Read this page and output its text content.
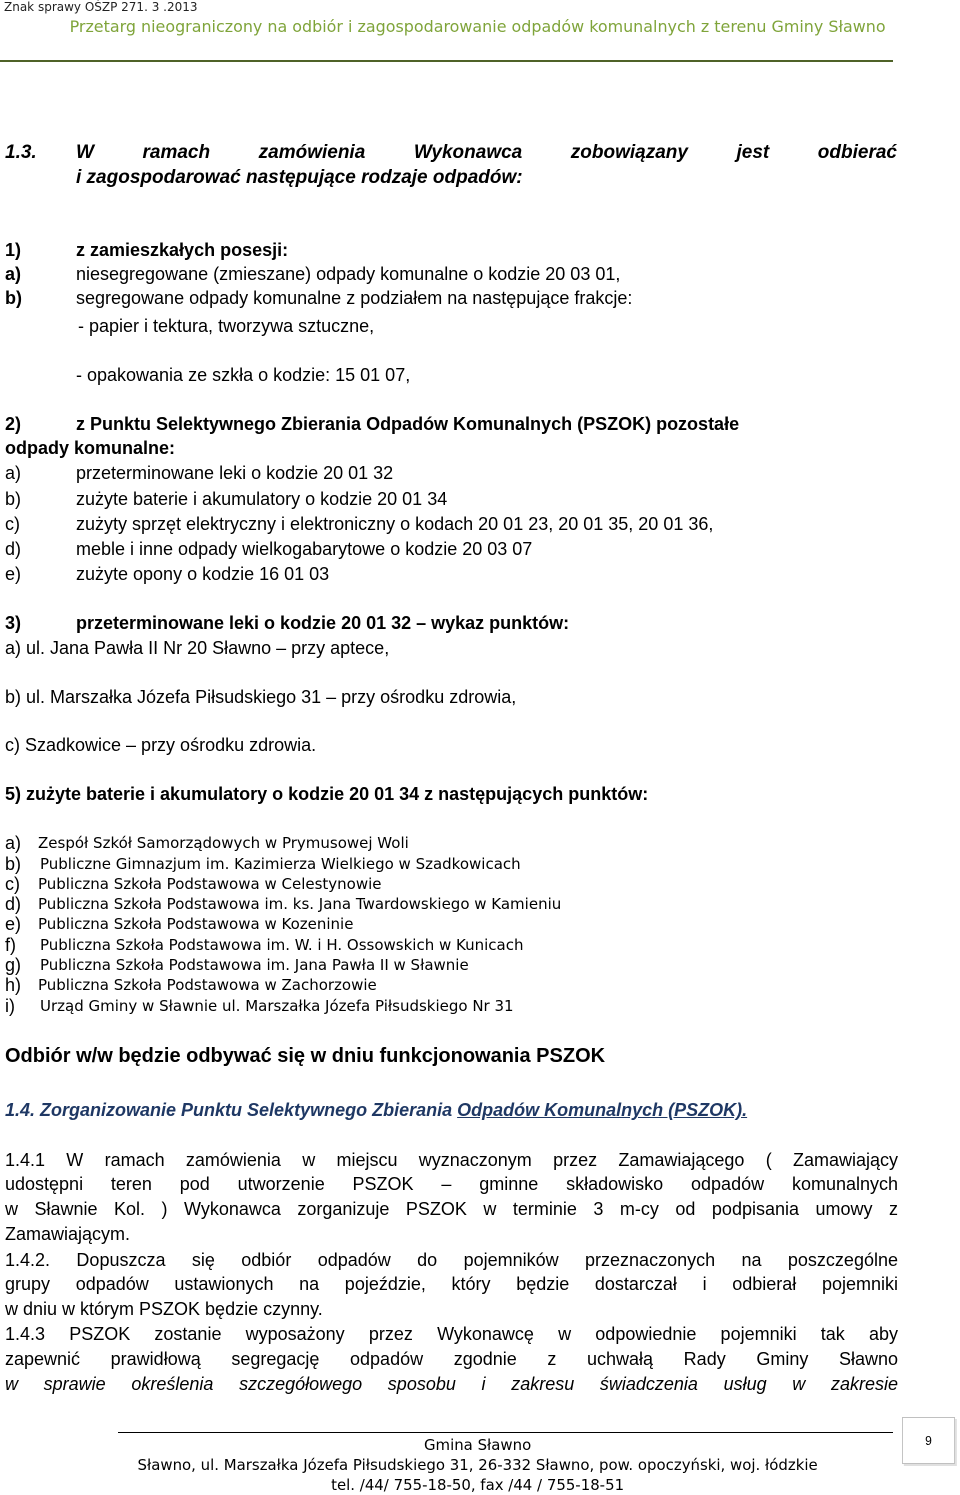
Znak sprawy OŚZP 271. 3 .2013
Przetarg nieograniczony na odbiór i zagospodarowanie odpadów komunalnych z terenu Gminy Sławno
1.3. W ramach zamówienia Wykonawca zobowiązany jest odbierać
i zagospodarować następujące rodzaje odpadów:
1)	z zamieszkałych posesji:
a)	niesegregowane (zmieszane) odpady komunalne o kodzie 20 03 01,
b)	segregowane odpady komunalne z podziałem na następujące frakcje:
- papier i tektura, tworzywa sztuczne,
- opakowania ze szkła o kodzie: 15 01 07,
2)	z Punktu Selektywnego Zbierania Odpadów Komunalnych (PSZOK) pozostałe
odpady komunalne:
a)	przeterminowane leki o kodzie 20 01 32
b)	zużyte baterie i akumulatory o kodzie 20 01 34
c)	zużyty sprzęt elektryczny i elektroniczny o kodach 20 01 23, 20 01 35, 20 01 36,
d)	meble i inne odpady wielkogabarytowe o kodzie 20 03 07
e)	zużyte opony o kodzie 16 01 03
3)	przeterminowane leki o kodzie 20 01 32 – wykaz punktów:
a) ul. Jana Pawła II Nr 20 Sławno – przy aptece,
b) ul. Marszałka Józefa Piłsudskiego 31 – przy ośrodku zdrowia,
c) Szadkowice – przy ośrodku zdrowia.
5) zużyte baterie i akumulatory o kodzie 20 01 34 z następujących punktów:
a) Zespół Szkół Samorządowych w Prymusowej Woli
b) Publiczne Gimnazjum im. Kazimierza Wielkiego w Szadkowicach
c) Publiczna Szkoła Podstawowa w Celestynowie
d) Publiczna Szkoła Podstawowa im. ks. Jana Twardowskiego w Kamieniu
e) Publiczna Szkoła Podstawowa w Kozeninie
f) Publiczna Szkoła Podstawowa im. W. i H. Ossowskich w Kunicach
g) Publiczna Szkoła Podstawowa im. Jana Pawła II w Sławnie
h) Publiczna Szkoła Podstawowa w Zachorzowie
i) Urząd Gminy w Sławnie ul. Marszałka Józefa Piłsudskiego Nr 31
Odbiór w/w będzie odbywać się w dniu funkcjonowania PSZOK
1.4. Zorganizowanie Punktu Selektywnego Zbierania Odpadów Komunalnych (PSZOK).
1.4.1 W ramach zamówienia w miejscu wyznaczonym przez Zamawiającego ( Zamawiający
udostępni teren pod utworzenie PSZOK – gminne składowisko odpadów komunalnych
w Sławnie Kol. ) Wykonawca zorganizuje PSZOK w terminie 3 m-cy od podpisania umowy z
Zamawiającym.
1.4.2. Dopuszcza się odbiór odpadów do pojemników przeznaczonych na poszczególne
grupy odpadów ustawionych na pojeździe, który będzie dostarczał i odbierał pojemniki
w dniu w którym PSZOK będzie czynny.
1.4.3 PSZOK zostanie wyposażony przez Wykonawcę w odpowiednie pojemniki tak aby
zapewnić prawidłową segregację odpadów zgodnie z uchwałą Rady Gminy Sławno
w sprawie określenia szczegółowego sposobu i zakresu świadczenia usług w zakresie
Gmina Sławno
Sławno, ul. Marszałka Józefa Piłsudskiego 31, 26-332 Sławno, pow. opoczyński, woj. łódzkie
tel. /44/ 755-18-50, fax /44 / 755-18-51
9
